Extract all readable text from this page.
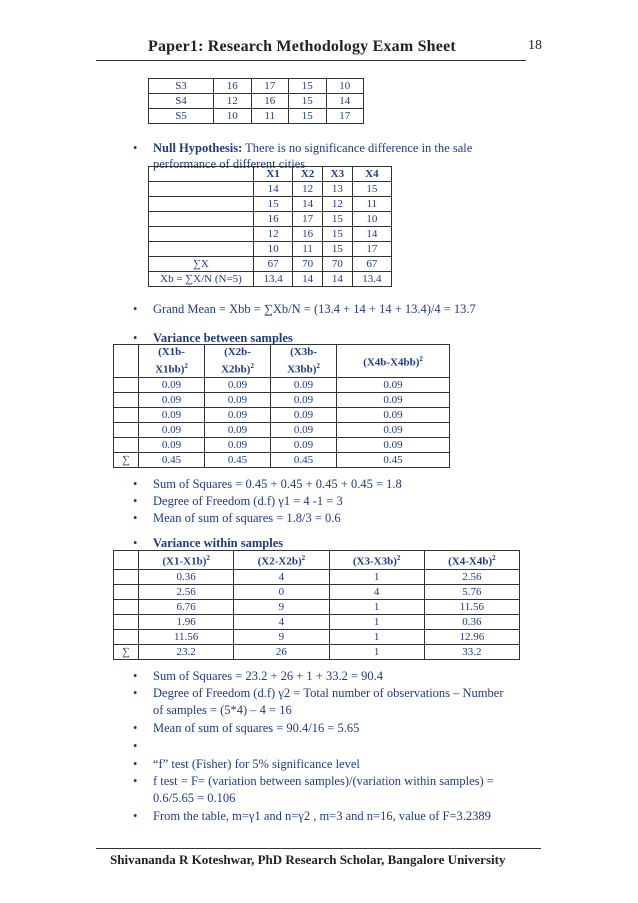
Paper1: Research Methodology Exam Sheet	18
S3	16	17	15	10
S4	12	16	15	14
S5	10	11	15	17
• Null Hypothesis: There is no significance difference in the sale
performance of different cities
	X1	X2	X3	X4
	14	12	13	15
	15	14	12	11
	16	17	15	10
	12	16	15	14
	10	11	15	17
∑X	67	70	70	67
Xb = ∑X/N (N=5)	13.4	14	14	13.4
• Grand Mean = Xbb = ∑Xb/N = (13.4 + 14 + 14 + 13.4)/4 = 13.7
• Variance between samples
	(X1b-
X1bb)$^2$	(X2b-
X2bb)$^2$	(X3b-
X3bb)$^2$	$(X4b-X4bb)^2$
	0.09	0.09	0.09	0.09
	0.09	0.09	0.09	0.09
	0.09	0.09	0.09	0.09
	0.09	0.09	0.09	0.09
	0.09	0.09	0.09	0.09
∑	0.45	0.45	0.45	0.45
• Sum of Squares = 0.45 + 0.45 + 0.45 + 0.45 = 1.8
• Degree of Freedom (d.f) γ1 = 4 -1 = 3
• Mean of sum of squares = 1.8/3 = 0.6
• Variance within samples
	$(X1-X1b)^2$	$(X2-X2b)^2$	$(X3-X3b)^2$	$(X4-X4b)^2$
	0.36	4	1	2.56
	2.56	0	4	5.76
	6.76	9	1	11.56
	1.96	4	1	0.36
	11.56	9	1	12.96
∑	23.2	26	1	33.2
• Sum of Squares = 23.2 + 26 + 1 + 33.2 = 90.4
• Degree of Freedom (d.f) γ2 = Total number of observations – Number
of samples = (5*4) – 4 = 16
• Mean of sum of squares = 90.4/16 = 5.65
•
• “f” test (Fisher) for 5% significance level
• f test = F= (variation between samples)/(variation within samples) =
0.6/5.65 = 0.106
• From the table, m=γ1 and n=γ2 , m=3 and n=16, value of F=3.2389
Shivananda R Koteshwar, PhD Research Scholar, Bangalore University
